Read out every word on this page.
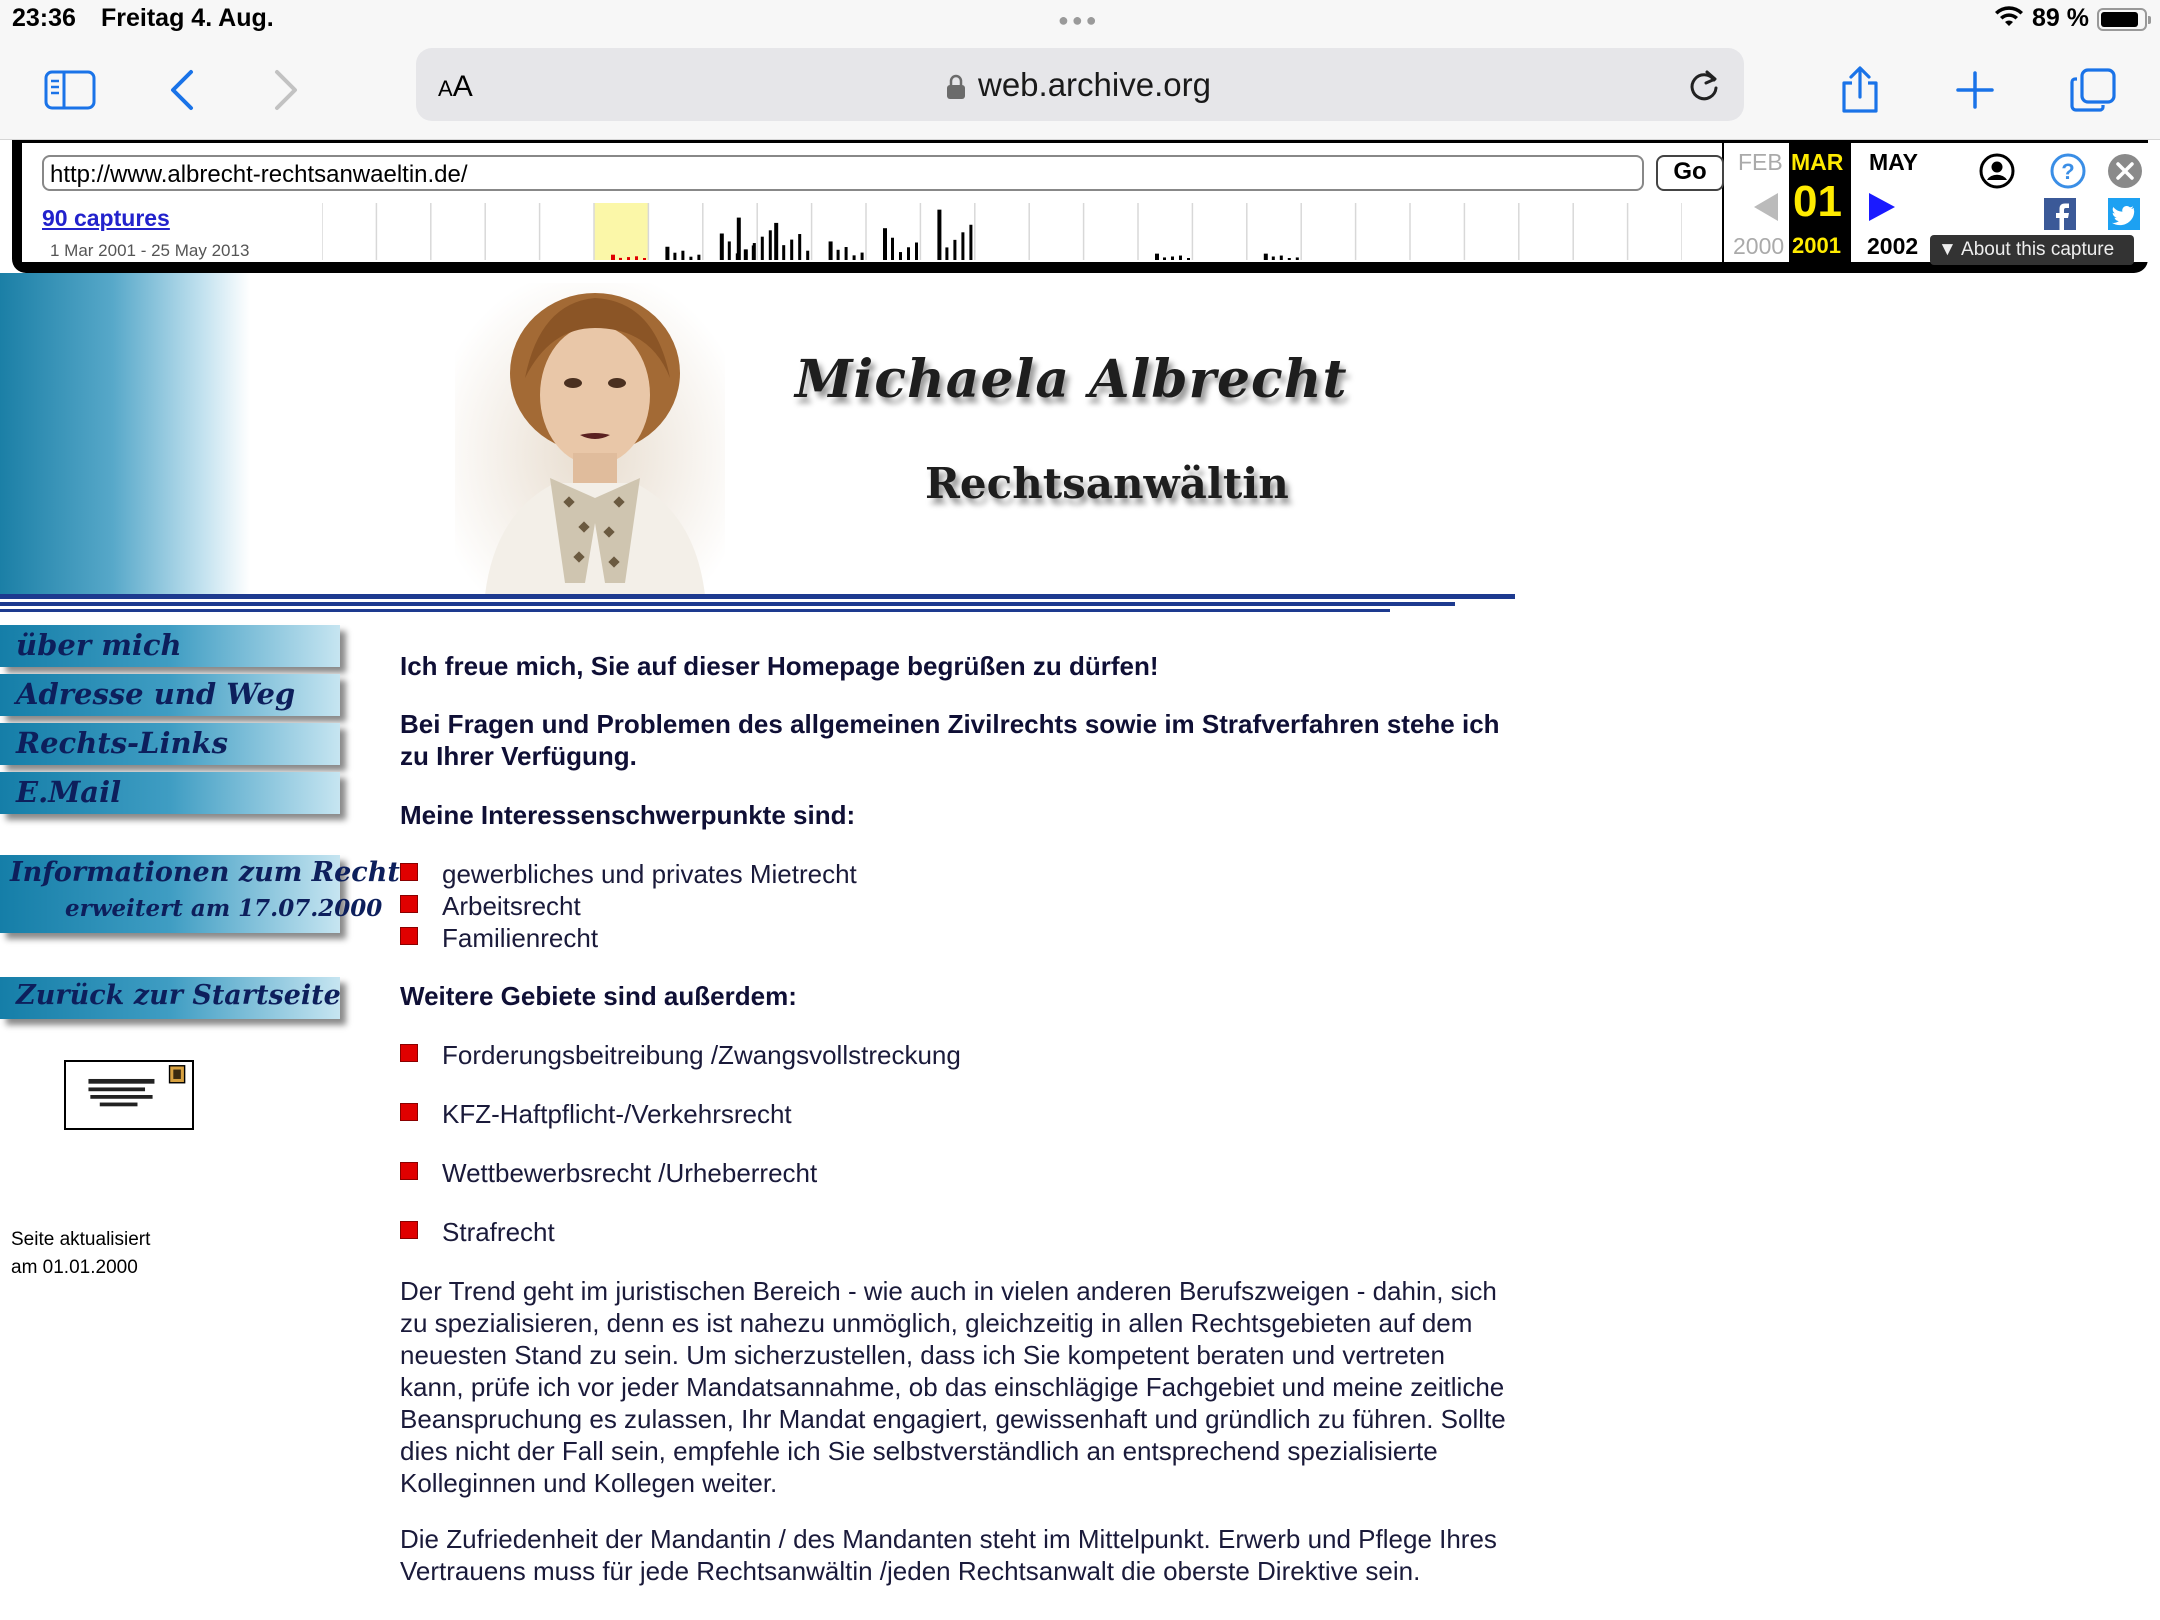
23:36 Freitag 4. Aug.	●●●	89 %
AA	web.archive.org
http://www.albrecht-rechtsanwaeltin.de/	Go
90 captures
1 Mar 2001 - 25 May 2013
FEB
2000
MAR
01
2001
MAY
2002
?
▼ About this capture
Michaela Albrecht
Rechtsanwältin
über mich
Adresse und Weg
Rechts-Links
E.Mail
Informationen zum Recht
erweitert am 17.07.2000
Zurück zur Startseite
Seite aktualisiert
am 01.01.2000
Ich freue mich, Sie auf dieser Homepage begrüßen zu dürfen!
Bei Fragen und Problemen des allgemeinen Zivilrechts sowie im Strafverfahren stehe ich zu Ihrer Verfügung.
Meine Interessenschwerpunkte sind:
gewerbliches und privates Mietrecht
Arbeitsrecht
Familienrecht
Weitere Gebiete sind außerdem:
Forderungsbeitreibung /Zwangsvollstreckung
KFZ-Haftpflicht-/Verkehrsrecht
Wettbewerbsrecht /Urheberrecht
Strafrecht
Der Trend geht im juristischen Bereich - wie auch in vielen anderen Berufszweigen - dahin, sich zu spezialisieren, denn es ist nahezu unmöglich, gleichzeitig in allen Rechtsgebieten auf dem neuesten Stand zu sein. Um sicherzustellen, dass ich Sie kompetent beraten und vertreten kann, prüfe ich vor jeder Mandatsannahme, ob das einschlägige Fachgebiet und meine zeitliche Beanspruchung es zulassen, Ihr Mandat engagiert, gewissenhaft und gründlich zu führen. Sollte dies nicht der Fall sein, empfehle ich Sie selbstverständlich an entsprechend spezialisierte Kolleginnen und Kollegen weiter.
Die Zufriedenheit der Mandantin / des Mandanten steht im Mittelpunkt. Erwerb und Pflege Ihres Vertrauens muss für jede Rechtsanwältin /jeden Rechtsanwalt die oberste Direktive sein.
